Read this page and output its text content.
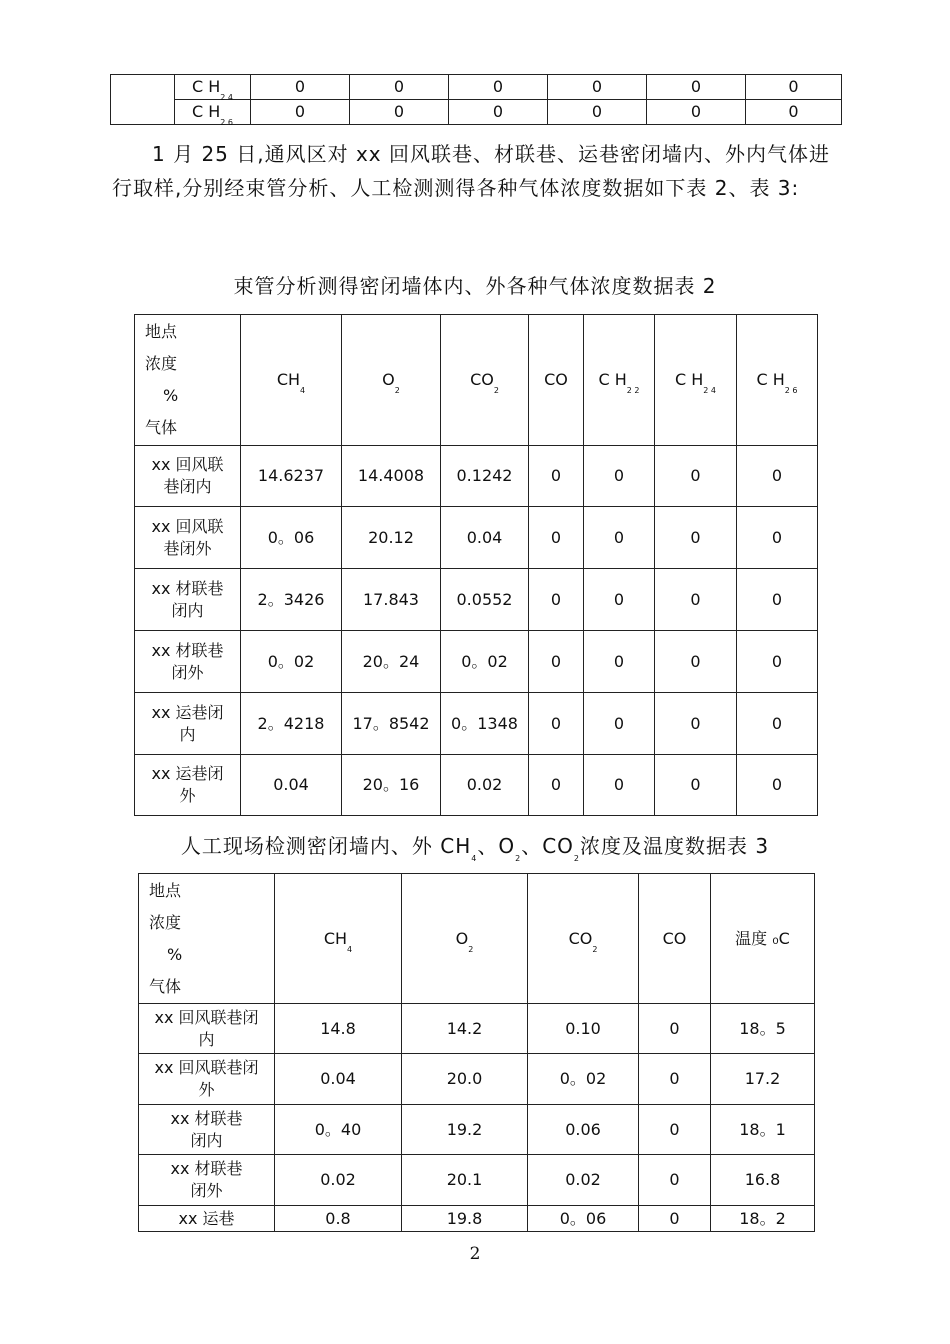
	C $H_{2 4}$	0	0	0	0	0	0
	C $H_{2 6}$	0	0	0	0	0	0

1 月 25 日,通风区对 xx 回风联巷、材联巷、运巷密闭墙内、外内气体进行取样,分别经束管分析、人工检测测得各种气体浓度数据如下表 2、表 3:

束管分析测得密闭墙体内、外各种气体浓度数据表 2

地点
浓度
%
气体	$CH_4$	$O_2$	$CO_2$	CO	C $H_{2 2}$	C $H_{2 4}$	C $H_{2 6}$
xx 回风联
巷闭内	14.6237	14.4008	0.1242	0	0	0	0
xx 回风联
巷闭外	0。06	20.12	0.04	0	0	0	0
xx 材联巷
闭内	2。3426	17.843	0.0552	0	0	0	0
xx 材联巷
闭外	0。02	20。24	0。02	0	0	0	0
xx 运巷闭
内	2。4218	17。8542	0。1348	0	0	0	0
xx 运巷闭
外	0.04	20。16	0.02	0	0	0	0

人工现场检测密闭墙内、外 $CH_4$、$O_2$、$CO_2$浓度及温度数据表 3

地点
浓度
%
气体	$CH_4$	$O_2$	$CO_2$	CO	温度 ₀C
xx 回风联巷闭
内	14.8	14.2	0.10	0	18。5
xx 回风联巷闭
外	0.04	20.0	0。02	0	17.2
xx 材联巷
闭内	0。40	19.2	0.06	0	18。1
xx 材联巷
闭外	0.02	20.1	0.02	0	16.8
xx 运巷	0.8	19.8	0。06	0	18。2
2
